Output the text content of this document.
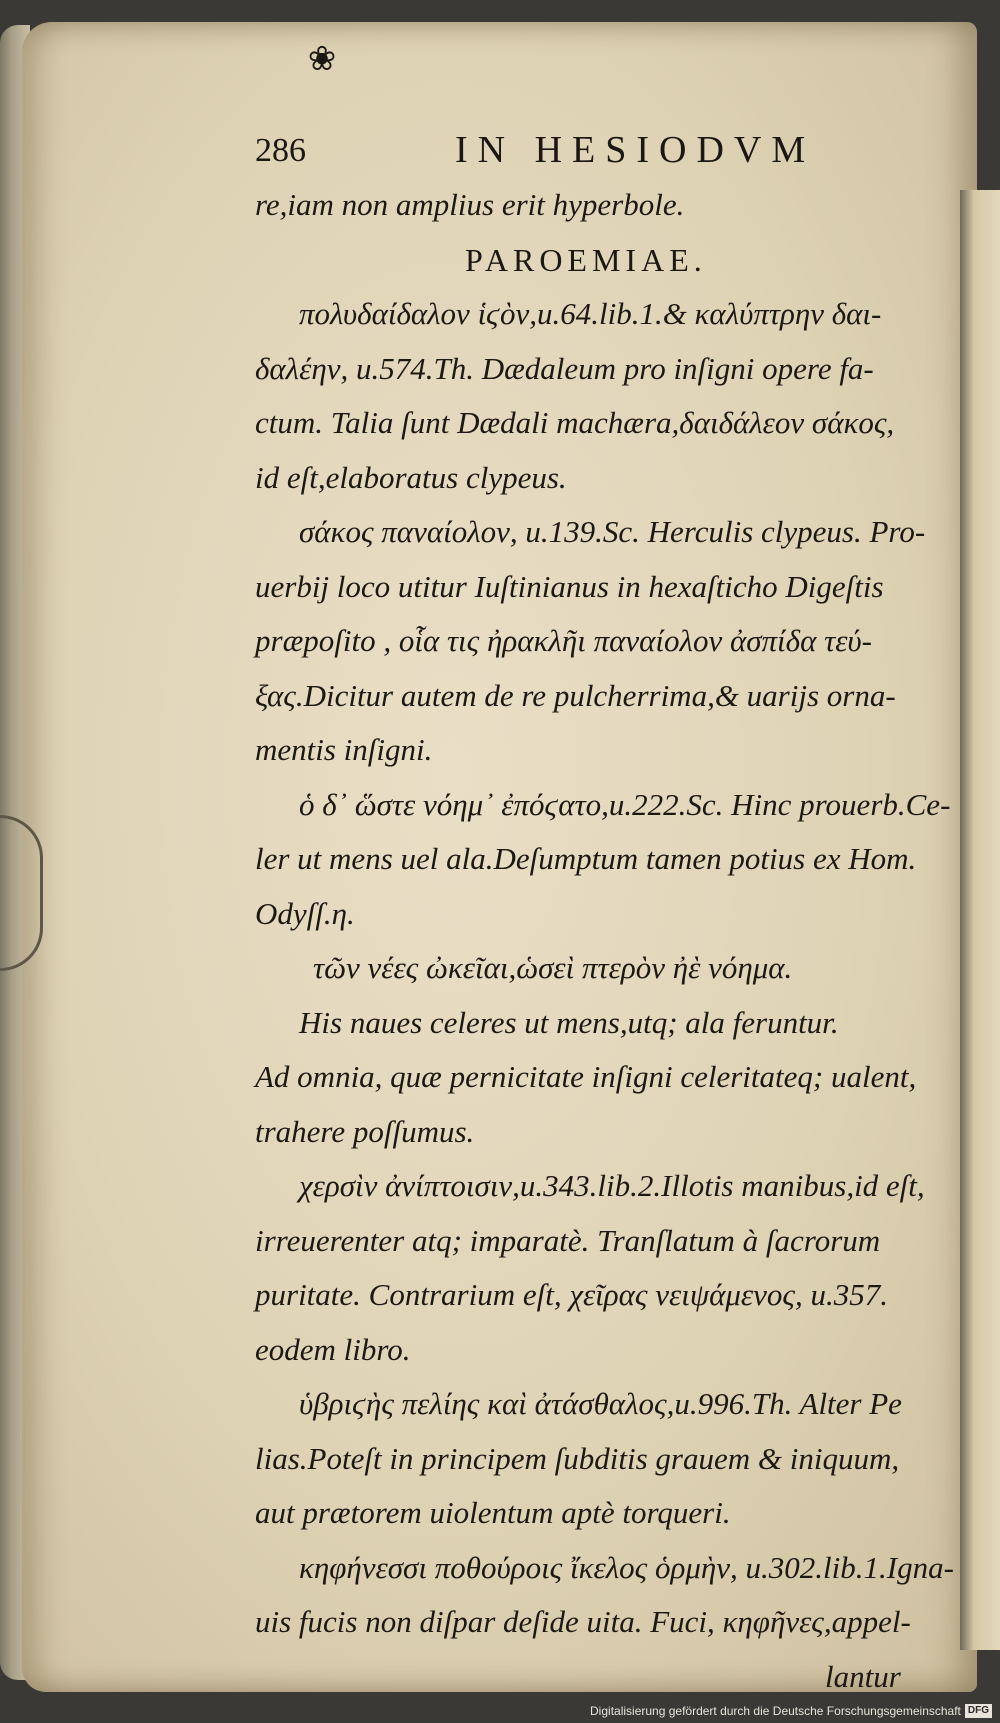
❀
286	IN HESIODVM
re,iam non amplius erit hyperbole.
PAROEMIAE.
πολυδαίδαλον ἱϛὸν,u.64.lib.1.& καλύπτρην δαι-
δαλέην, u.574.Th. Dædaleum pro inſigni opere fa-
ctum. Talia ſunt Dædali machæra,δαιδάλεον σάκος,
id eſt,elaboratus clypeus.
σάκος παναίολον, u.139.Sc. Herculis clypeus. Pro-
uerbij loco utitur Iuſtinianus in hexaſticho Digeſtis
præpoſito , οἷα τις ἠρακλῆι παναίολον ἀσπίδα τεύ-
ξας.Dicitur autem de re pulcherrima,& uarijs orna-
mentis inſigni.
ὁ δ᾽ ὥστε νόημ᾽ ἐπόϛατο,u.222.Sc. Hinc prouerb.Ce-
ler ut mens uel ala.Deſumptum tamen potius ex Hom.
Odyſſ.η.
τῶν νέες ὠκεῖαι,ὡσεὶ πτερὸν ἠὲ νόημα.
His naues celeres ut mens,utq; ala feruntur.
Ad omnia, quæ pernicitate inſigni celeritateq; ualent,
trahere poſſumus.
χερσὶν ἀνίπτοισιν,u.343.lib.2.Illotis manibus,id eſt,
irreuerenter atq; imparatè. Tranſlatum à ſacrorum
puritate. Contrarium eſt, χεῖρας νειψάμενος, u.357.
eodem libro.
ὑβριϛὴς πελίης καὶ ἀτάσθαλος,u.996.Th. Alter Pe
lias.Poteſt in principem ſubditis grauem & iniquum,
aut prætorem uiolentum aptè torqueri.
κηφήνεσσι ποθούροις ἴκελος ὁρμὴν, u.302.lib.1.Igna-
uis fucis non diſpar deſide uita. Fuci, κηφῆνες,appel-
lantur
Digitalisierung gefördert durch die Deutsche Forschungsgemeinschaft DFG
